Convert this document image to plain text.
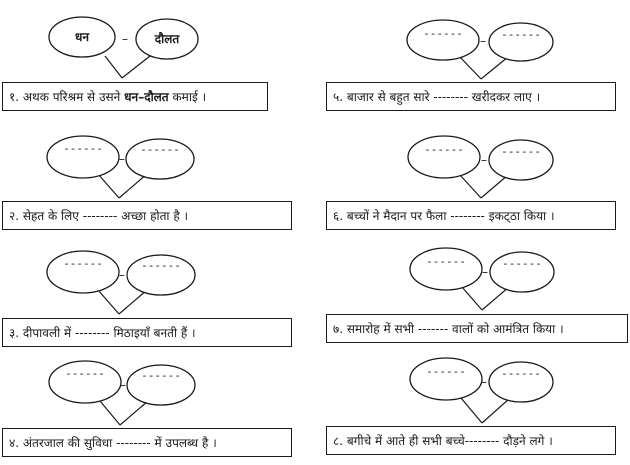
धन	दौलत
–
------	------
–
------	------
–
------	------
–
------	------
–
------	------
–
------	------
–
------	------
–
१. अथक परिश्रम से उसने धन–दौलत कमाई ।
२. सेहत के लिए -------- अच्छा होता है ।
३. दीपावली में -------- मिठाइयाँ बनती हैं ।
४. अंतरजाल की सुविधा -------- में उपलब्ध है ।
५. बाजार से बहुत सारे -------- खरीदकर लाए ।
६. बच्चों ने मैदान पर फैला -------- इकट्‍ठा किया ।
७. समारोह में सभी ------- वालों को आमंत्रित किया ।
८. बगीचे में आते ही सभी बच्चे-------- दौड़ने लगे ।
